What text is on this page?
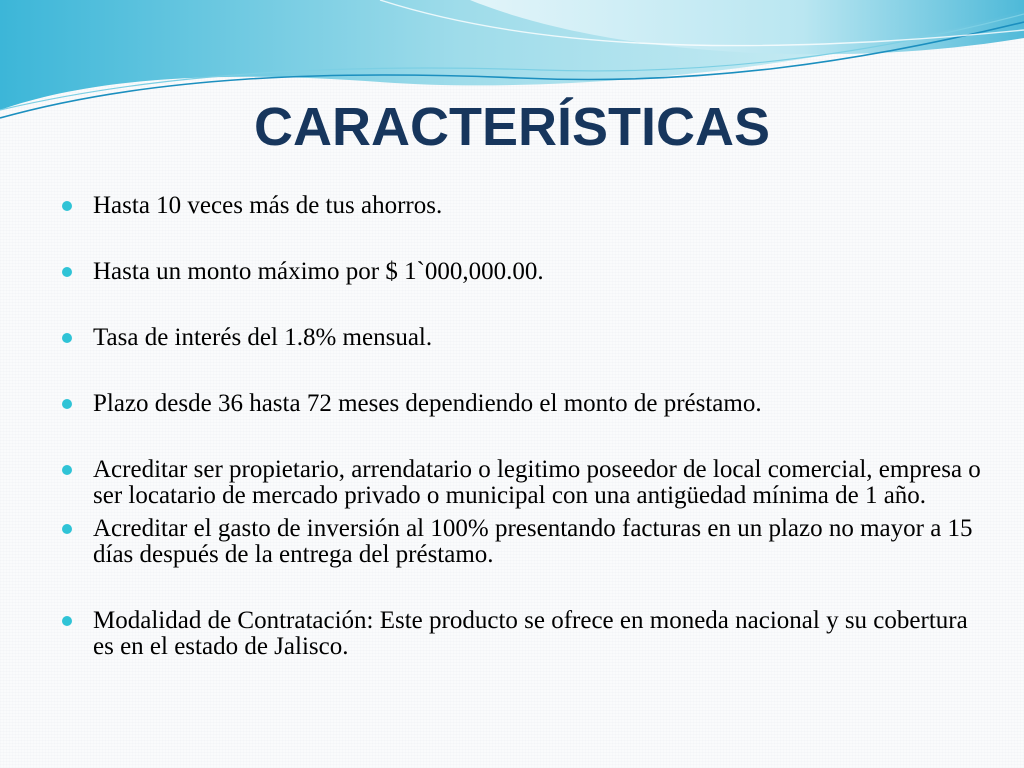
CARACTERÍSTICAS
Hasta 10 veces más de tus ahorros.
Hasta un monto máximo por $ 1`000,000.00.
Tasa de interés del 1.8% mensual.
Plazo desde 36 hasta 72 meses dependiendo el monto de préstamo.
Acreditar ser propietario, arrendatario o legitimo poseedor de local comercial, empresa o ser locatario de mercado privado o municipal con una antigüedad mínima de 1 año.
Acreditar el gasto de inversión al 100% presentando facturas en un plazo no mayor a 15 días después de la entrega del préstamo.
Modalidad de Contratación: Este producto se ofrece en moneda nacional y su cobertura es en el estado de Jalisco.
